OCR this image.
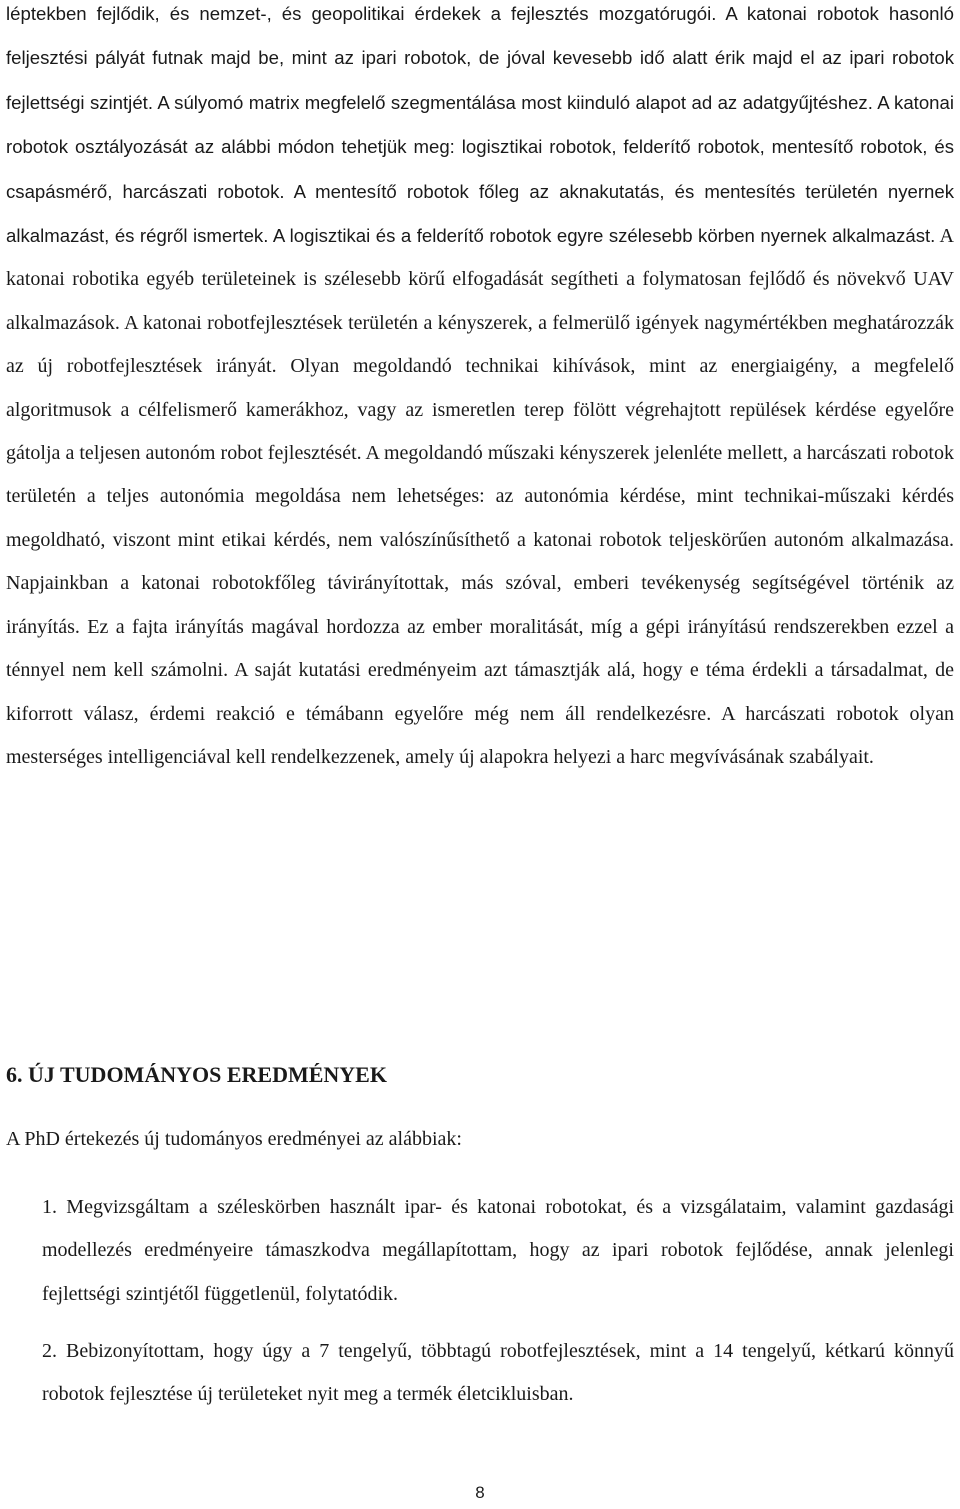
léptekben fejlődik, és nemzet-, és geopolitikai érdekek a fejlesztés mozgatórugói. A katonai robotok hasonló feljesztési pályát futnak majd be, mint az ipari robotok, de jóval kevesebb idő alatt érik majd el az ipari robotok fejlettségi szintjét. A súlyomó matrix megfelelő szegmentálása most kiinduló alapot ad az adatgyűjtéshez. A katonai robotok osztályozását az alábbi módon tehetjük meg: logisztikai robotok, felderítő robotok, mentesítő robotok, és csapásmérő, harcászati robotok. A mentesítő robotok főleg az aknakutatás, és mentesítés területén nyernek alkalmazást, és régről ismertek. A logisztikai és a felderítő robotok egyre szélesebb körben nyernek alkalmazást. A katonai robotika egyéb területeinek is szélesebb körű elfogadását segítheti a folymatosan fejlődő és növekvő UAV alkalmazások. A katonai robotfejlesztések területén a kényszerek, a felmerülő igények nagymértékben meghatározzák az új robotfejlesztések irányát. Olyan megoldandó technikai kihívások, mint az energiaigény, a megfelelő algoritmusok a célfelismerő kamerákhoz, vagy az ismeretlen terep fölött végrehajtott repülések kérdése egyelőre gátolja a teljesen autonóm robot fejlesztését. A megoldandó műszaki kényszerek jelenléte mellett, a harcászati robotok területén a teljes autonómia megoldása nem lehetséges: az autonómia kérdése, mint technikai-műszaki kérdés megoldható, viszont mint etikai kérdés, nem valószínűsíthető a katonai robotok teljeskörűen autonóm alkalmazása. Napjainkban a katonai robotokfőleg távirányítottak, más szóval, emberi tevékenység segítségével történik az irányítás. Ez a fajta irányítás magával hordozza az ember moralitását, míg a gépi irányítású rendszerekben ezzel a ténnyel nem kell számolni. A saját kutatási eredményeim azt támasztják alá, hogy e téma érdekli a társadalmat, de kiforrott válasz, érdemi reakció e témábann egyelőre még nem áll rendelkezésre. A harcászati robotok olyan mesterséges intelligenciával kell rendelkezzenek, amely új alapokra helyezi a harc megvívásának szabályait.

6. ÚJ TUDOMÁNYOS EREDMÉNYEK

A PhD értekezés új tudományos eredményei az alábbiak:

1. Megvizsgáltam a széleskörben használt ipar- és katonai robotokat, és a vizsgálataim, valamint gazdasági modellezés eredményeire támaszkodva megállapítottam, hogy az ipari robotok fejlődése, annak jelenlegi fejlettségi szintjétől függetlenül, folytatódik.

2. Bebizonyítottam, hogy úgy a 7 tengelyű, többtagú robotfejlesztések, mint a 14 tengelyű, kétkarú könnyű robotok fejlesztése új területeket nyit meg a termék életcikluisban.

8
